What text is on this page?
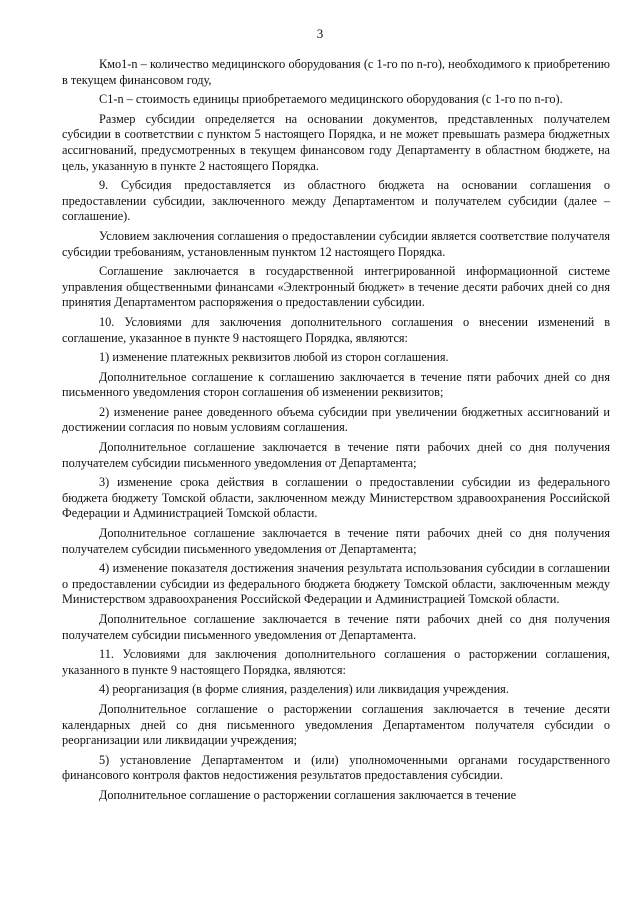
3

Кмо1-n – количество медицинского оборудования (с 1-го по n-го), необходимого к приобретению в текущем финансовом году,

C1-n – стоимость единицы приобретаемого медицинского оборудования (с 1-го по n-го).

Размер субсидии определяется на основании документов, представленных получателем субсидии в соответствии с пунктом 5 настоящего Порядка, и не может превышать размера бюджетных ассигнований, предусмотренных в текущем финансовом году Департаменту в областном бюджете, на цель, указанную в пункте 2 настоящего Порядка.

9. Субсидия предоставляется из областного бюджета на основании соглашения о предоставлении субсидии, заключенного между Департаментом и получателем субсидии (далее – соглашение).

Условием заключения соглашения о предоставлении субсидии является соответствие получателя субсидии требованиям, установленным пунктом 12 настоящего Порядка.

Соглашение заключается в государственной интегрированной информационной системе управления общественными финансами «Электронный бюджет» в течение десяти рабочих дней со дня принятия Департаментом распоряжения о предоставлении субсидии.

10. Условиями для заключения дополнительного соглашения о внесении изменений в соглашение, указанное в пункте 9 настоящего Порядка, являются:

1) изменение платежных реквизитов любой из сторон соглашения.

Дополнительное соглашение к соглашению заключается в течение пяти рабочих дней со дня письменного уведомления сторон соглашения об изменении реквизитов;

2) изменение ранее доведенного объема субсидии при увеличении бюджетных ассигнований и достижении согласия по новым условиям соглашения.

Дополнительное соглашение заключается в течение пяти рабочих дней со дня получения получателем субсидии письменного уведомления от Департамента;

3) изменение срока действия в соглашении о предоставлении субсидии из федерального бюджета бюджету Томской области, заключенном между Министерством здравоохранения Российской Федерации и Администрацией Томской области.

Дополнительное соглашение заключается в течение пяти рабочих дней со дня получения получателем субсидии письменного уведомления от Департамента;

4) изменение показателя достижения значения результата использования субсидии в соглашении о предоставлении субсидии из федерального бюджета бюджету Томской области, заключенным между Министерством здравоохранения Российской Федерации и Администрацией Томской области.

Дополнительное соглашение заключается в течение пяти рабочих дней со дня получения получателем субсидии письменного уведомления от Департамента.

11. Условиями для заключения дополнительного соглашения о расторжении соглашения, указанного в пункте 9 настоящего Порядка, являются:

4) реорганизация (в форме слияния, разделения) или ликвидация учреждения.

Дополнительное соглашение о расторжении соглашения заключается в течение десяти календарных дней со дня письменного уведомления Департаментом получателя субсидии о реорганизации или ликвидации учреждения;

5) установление Департаментом и (или) уполномоченными органами государственного финансового контроля фактов недостижения результатов предоставления субсидии.

Дополнительное соглашение о расторжении соглашения заключается в течение
